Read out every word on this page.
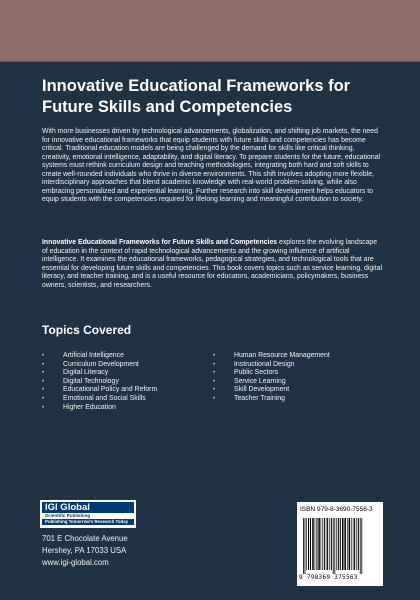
Innovative Educational Frameworks for Future Skills and Competencies

With more businesses driven by technological advancements, globalization, and shifting job markets, the need for innovative educational frameworks that equip students with future skills and competencies has become critical. Traditional education models are being challenged by the demand for skills like critical thinking, creativity, emotional intelligence, adaptability, and digital literacy. To prepare students for the future, educational systems must rethink curriculum design and teaching methodologies, integrating both hard and soft skills to create well-rounded individuals who thrive in diverse environments. This shift involves adopting more flexible, interdisciplinary approaches that blend academic knowledge with real-world problem-solving, while also embracing personalized and experiential learning. Further research into skill development helps educators to equip students with the competencies required for lifelong learning and meaningful contribution to society.

Innovative Educational Frameworks for Future Skills and Competencies explores the evolving landscape of education in the context of rapid technological advancements and the growing influence of artificial intelligence. It examines the educational frameworks, pedagogical strategies, and technological tools that are essential for developing future skills and competencies. This book covers topics such as service learning, digital literacy, and teacher training, and is a useful resource for educators, academicians, policymakers, business owners, scientists, and researchers.

Topics Covered
•	Artificial Intelligence
•	Curriculum Development
•	Digital Literacy
•	Digital Technology
•	Educational Policy and Reform
•	Emotional and Social Skills
•	Higher Education
•	Human Resource Management
•	Instructional Design
•	Public Sectors
•	Service Learning
•	Skill Development
•	Teacher Training
IGI Global
Scientific Publishing
Publishing Tomorrow's Research Today
701 E Chocolate Avenue
Hershey, PA 17033 USA
www.igi-global.com
ISBN 979-8-3690-7556-3
9 798369 375563
